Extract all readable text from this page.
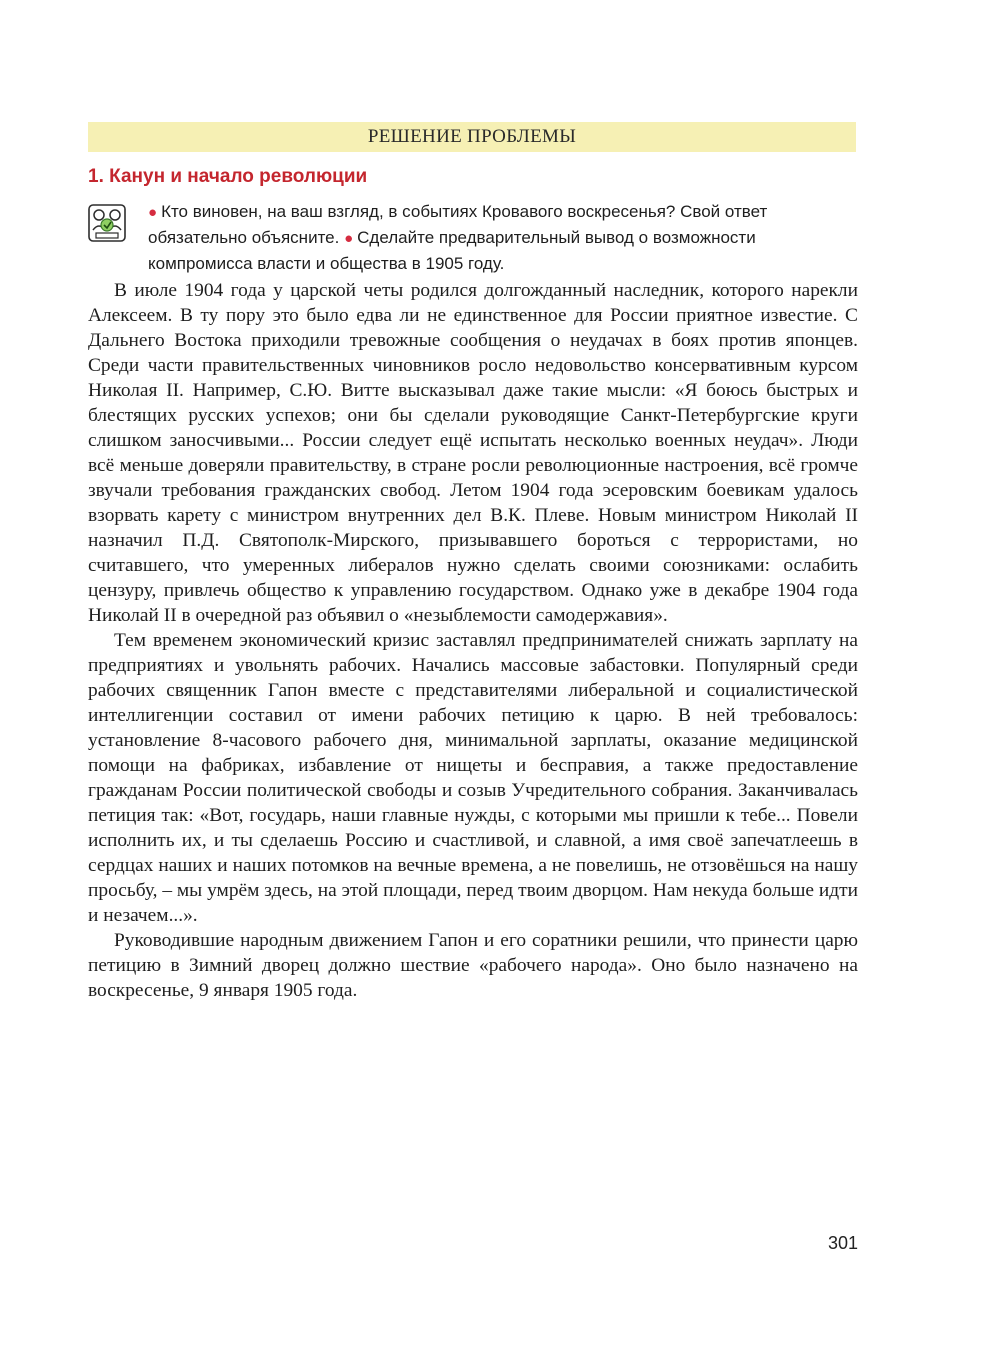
РЕШЕНИЕ ПРОБЛЕМЫ
1. Канун и начало революции

● Кто виновен, на ваш взгляд, в событиях Кровавого воскресенья? Свой ответ обязательно объясните. ● Сделайте предварительный вывод о возможности компромисса власти и общества в 1905 году.

В июле 1904 года у царской четы родился долгожданный наследник, которого нарекли Алексеем. В ту пору это было едва ли не единственное для России приятное известие. С Дальнего Востока приходили тревожные сообщения о неудачах в боях против японцев. Среди части правительственных чиновников росло недовольство консервативным курсом Николая II. Например, С.Ю. Витте высказывал даже такие мысли: «Я боюсь быстрых и блестящих русских успехов; они бы сделали руководящие Санкт-Петербургские круги слишком заносчивыми... России следует ещё испытать несколько военных неудач». Люди всё меньше доверяли правительству, в стране росли революционные настроения, всё громче звучали требования гражданских свобод. Летом 1904 года эсеровским боевикам удалось взорвать карету с министром внутренних дел В.К. Плеве. Новым министром Николай II назначил П.Д. Святополк-Мирского, призывавшего бороться с террористами, но считавшего, что умеренных либералов нужно сделать своими союзниками: ослабить цензуру, привлечь общество к управлению государством. Однако уже в декабре 1904 года Николай II в очередной раз объявил о «незыблемости самодержавия».

Тем временем экономический кризис заставлял предпринимателей снижать зарплату на предприятиях и увольнять рабочих. Начались массовые забастовки. Популярный среди рабочих священник Гапон вместе с представителями либеральной и социалистической интеллигенции составил от имени рабочих петицию к царю. В ней требовалось: установление 8-часового рабочего дня, минимальной зарплаты, оказание медицинской помощи на фабриках, избавление от нищеты и бесправия, а также предоставление гражданам России политической свободы и созыв Учредительного собрания. Заканчивалась петиция так: «Вот, государь, наши главные нужды, с которыми мы пришли к тебе... Повели исполнить их, и ты сделаешь Россию и счастливой, и славной, а имя своё запечатлеешь в сердцах наших и наших потомков на вечные времена, а не повелишь, не отзовёшься на нашу просьбу, – мы умрём здесь, на этой площади, перед твоим дворцом. Нам некуда больше идти и незачем...».

Руководившие народным движением Гапон и его соратники решили, что принести царю петицию в Зимний дворец должно шествие «рабочего народа». Оно было назначено на воскресенье, 9 января 1905 года.

301
